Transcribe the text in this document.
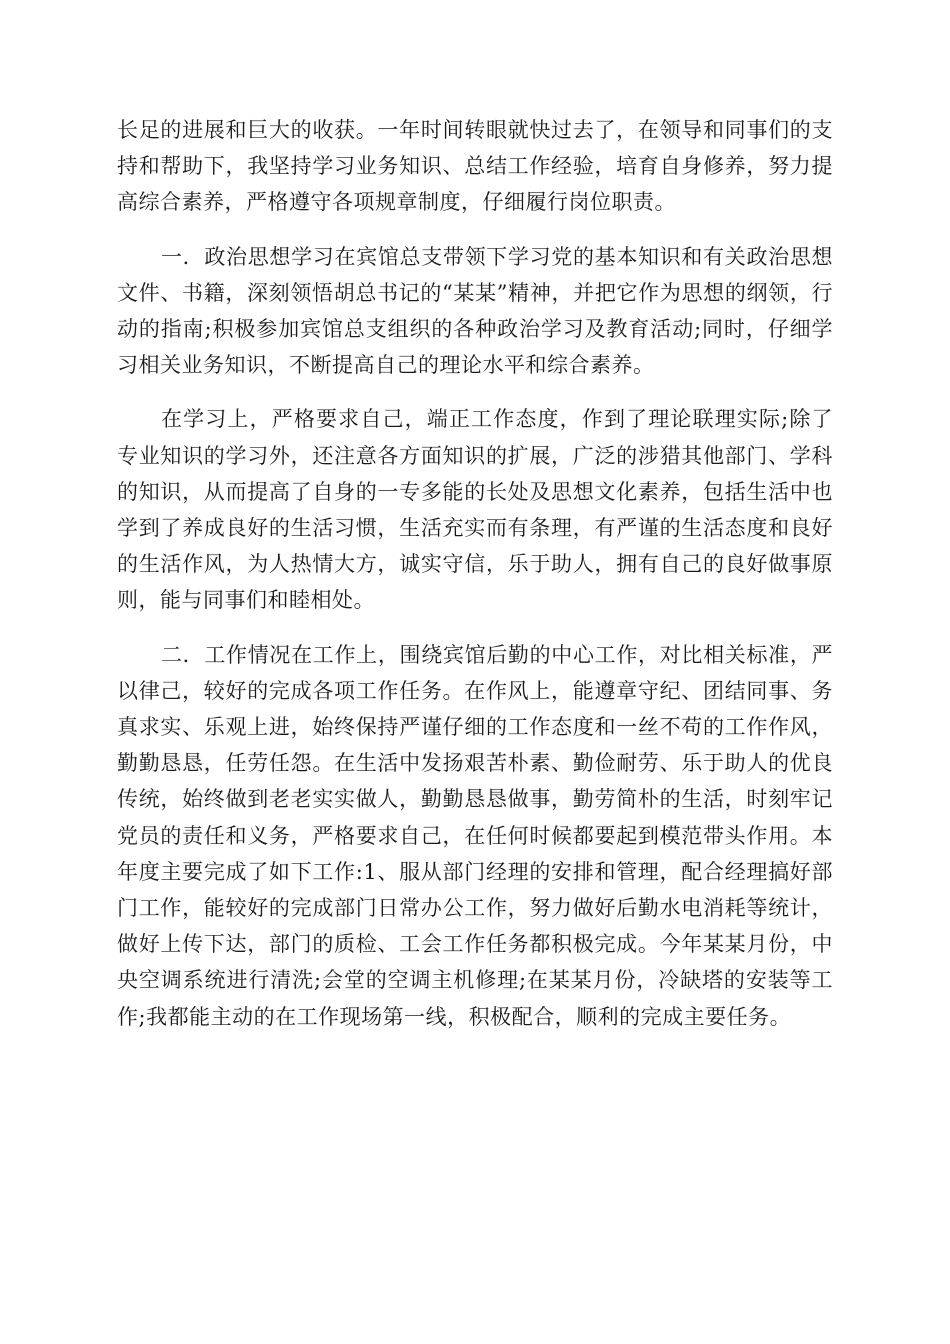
长足的进展和巨大的收获。一年时间转眼就快过去了，在领导和同事们的支持和帮助下，我坚持学习业务知识、总结工作经验，培育自身修养，努力提高综合素养，严格遵守各项规章制度，仔细履行岗位职责。

一．政治思想学习在宾馆总支带领下学习党的基本知识和有关政治思想文件、书籍，深刻领悟胡总书记的“某某”精神，并把它作为思想的纲领，行动的指南;积极参加宾馆总支组织的各种政治学习及教育活动;同时，仔细学习相关业务知识，不断提高自己的理论水平和综合素养。

在学习上，严格要求自己，端正工作态度，作到了理论联理实际;除了专业知识的学习外，还注意各方面知识的扩展，广泛的涉猎其他部门、学科的知识，从而提高了自身的一专多能的长处及思想文化素养，包括生活中也学到了养成良好的生活习惯，生活充实而有条理，有严谨的生活态度和良好的生活作风，为人热情大方，诚实守信，乐于助人，拥有自己的良好做事原则，能与同事们和睦相处。

二．工作情况在工作上，围绕宾馆后勤的中心工作，对比相关标准，严以律己，较好的完成各项工作任务。在作风上，能遵章守纪、团结同事、务真求实、乐观上进，始终保持严谨仔细的工作态度和一丝不苟的工作作风，勤勤恳恳，任劳任怨。在生活中发扬艰苦朴素、勤俭耐劳、乐于助人的优良传统，始终做到老老实实做人，勤勤恳恳做事，勤劳简朴的生活，时刻牢记党员的责任和义务，严格要求自己，在任何时候都要起到模范带头作用。本年度主要完成了如下工作:1、服从部门经理的安排和管理，配合经理搞好部门工作，能较好的完成部门日常办公工作，努力做好后勤水电消耗等统计，做好上传下达，部门的质检、工会工作任务都积极完成。今年某某月份，中央空调系统进行清洗;会堂的空调主机修理;在某某月份，冷缺塔的安装等工作;我都能主动的在工作现场第一线，积极配合，顺利的完成主要任务。
